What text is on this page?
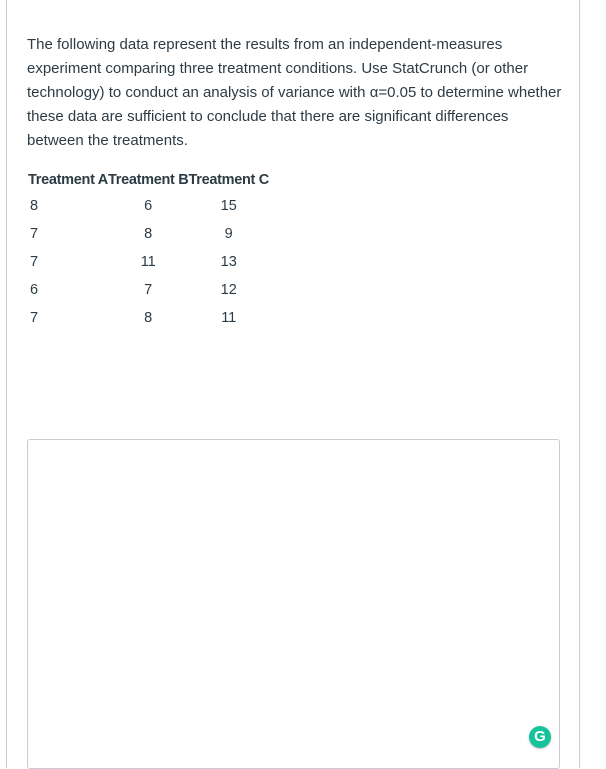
The following data represent the results from an independent-measures experiment comparing three treatment conditions. Use StatCrunch (or other technology) to conduct an analysis of variance with α=0.05 to determine whether these data are sufficient to conclude that there are significant differences between the treatments.

Treatment A	Treatment B	Treatment C
8	6	15
7	8	9
7	11	13
6	7	12
7	8	11
G
